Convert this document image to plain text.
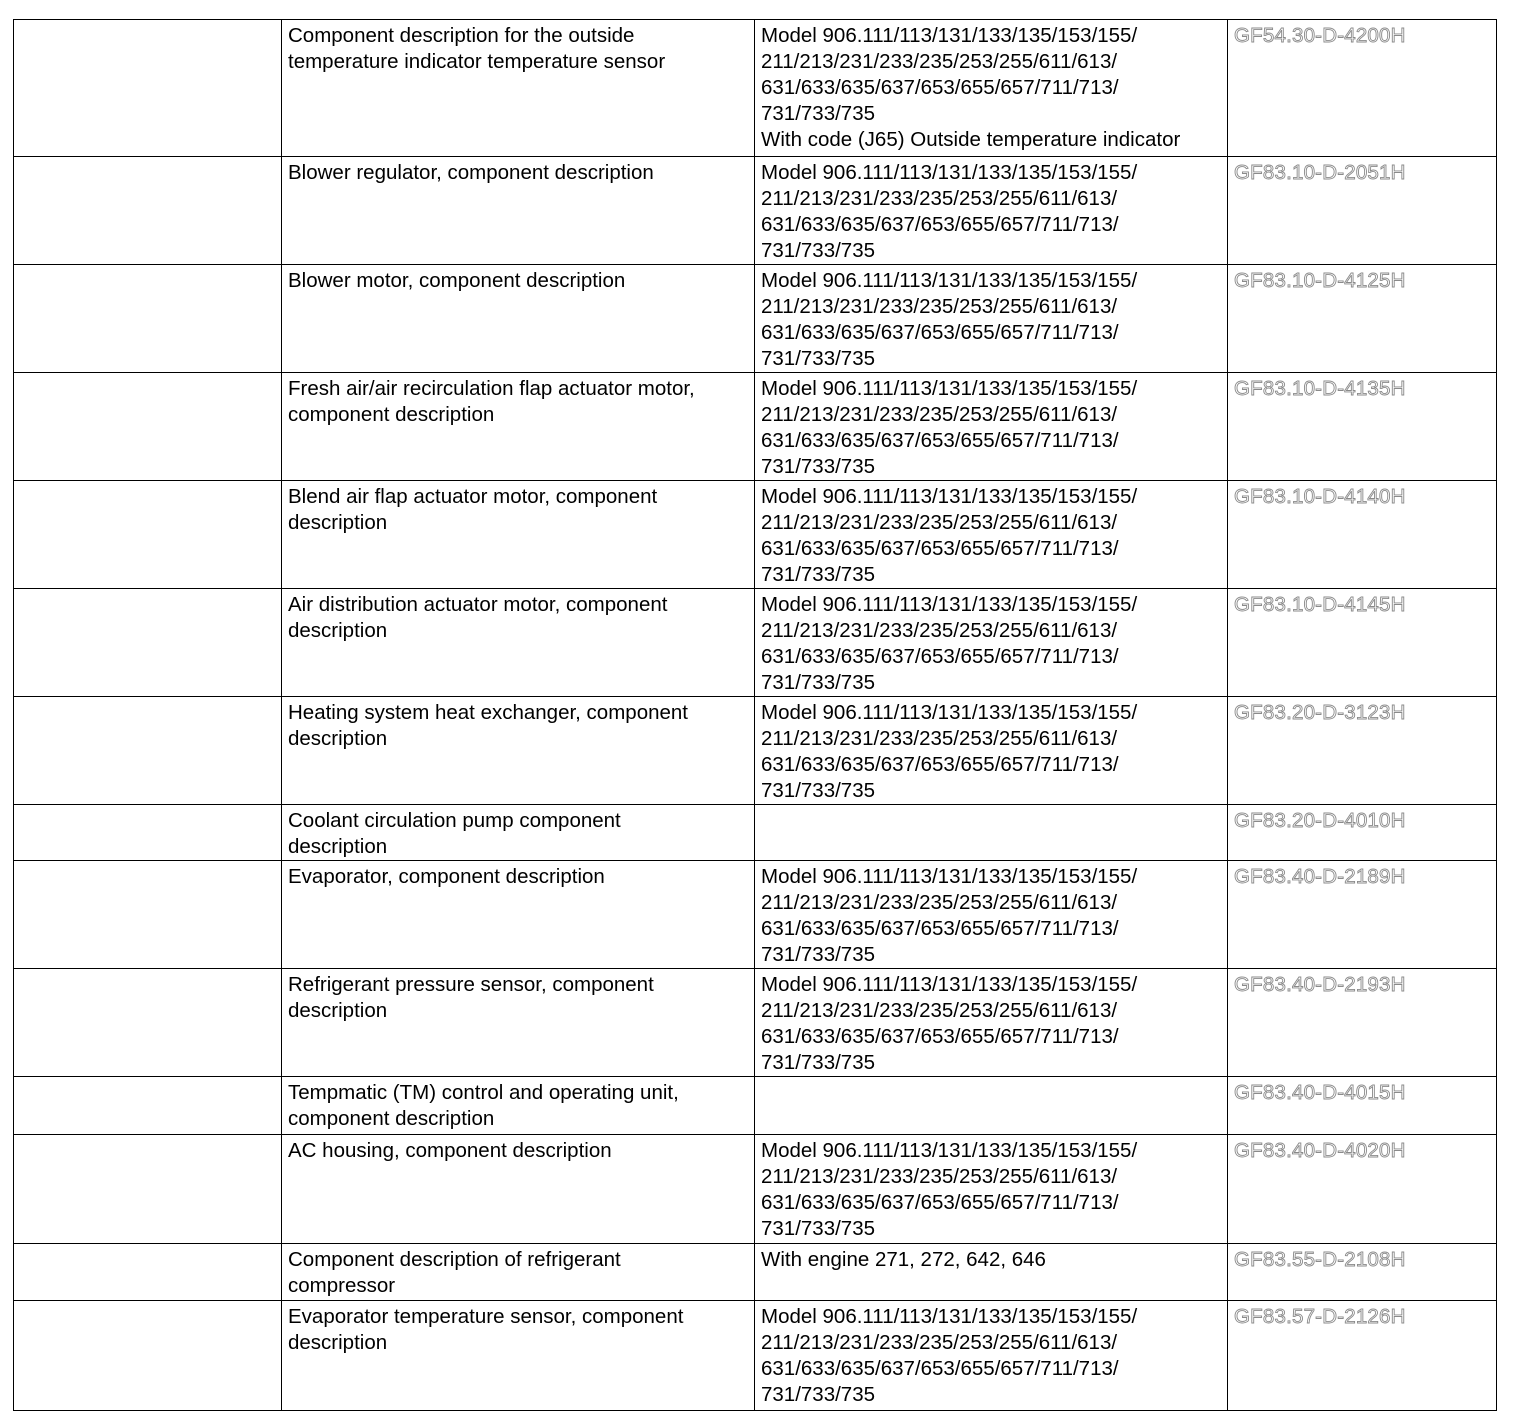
	Component description for the outside
temperature indicator temperature sensor	Model 906.111/113/131/133/135/153/155/
211/213/231/233/235/253/255/611/613/
631/633/635/637/653/655/657/711/713/
731/733/735
With code (J65) Outside temperature indicator	GF54.30-D-4200H
	Blower regulator, component description	Model 906.111/113/131/133/135/153/155/
211/213/231/233/235/253/255/611/613/
631/633/635/637/653/655/657/711/713/
731/733/735	GF83.10-D-2051H
	Blower motor, component description	Model 906.111/113/131/133/135/153/155/
211/213/231/233/235/253/255/611/613/
631/633/635/637/653/655/657/711/713/
731/733/735	GF83.10-D-4125H
	Fresh air/air recirculation flap actuator motor,
component description	Model 906.111/113/131/133/135/153/155/
211/213/231/233/235/253/255/611/613/
631/633/635/637/653/655/657/711/713/
731/733/735	GF83.10-D-4135H
	Blend air flap actuator motor, component
description	Model 906.111/113/131/133/135/153/155/
211/213/231/233/235/253/255/611/613/
631/633/635/637/653/655/657/711/713/
731/733/735	GF83.10-D-4140H
	Air distribution actuator motor, component
description	Model 906.111/113/131/133/135/153/155/
211/213/231/233/235/253/255/611/613/
631/633/635/637/653/655/657/711/713/
731/733/735	GF83.10-D-4145H
	Heating system heat exchanger, component
description	Model 906.111/113/131/133/135/153/155/
211/213/231/233/235/253/255/611/613/
631/633/635/637/653/655/657/711/713/
731/733/735	GF83.20-D-3123H
	Coolant circulation pump component
description		GF83.20-D-4010H
	Evaporator, component description	Model 906.111/113/131/133/135/153/155/
211/213/231/233/235/253/255/611/613/
631/633/635/637/653/655/657/711/713/
731/733/735	GF83.40-D-2189H
	Refrigerant pressure sensor, component
description	Model 906.111/113/131/133/135/153/155/
211/213/231/233/235/253/255/611/613/
631/633/635/637/653/655/657/711/713/
731/733/735	GF83.40-D-2193H
	Tempmatic (TM) control and operating unit,
component description		GF83.40-D-4015H
	AC housing, component description	Model 906.111/113/131/133/135/153/155/
211/213/231/233/235/253/255/611/613/
631/633/635/637/653/655/657/711/713/
731/733/735	GF83.40-D-4020H
	Component description of refrigerant
compressor	With engine 271, 272, 642, 646	GF83.55-D-2108H
	Evaporator temperature sensor, component
description	Model 906.111/113/131/133/135/153/155/
211/213/231/233/235/253/255/611/613/
631/633/635/637/653/655/657/711/713/
731/733/735	GF83.57-D-2126H
